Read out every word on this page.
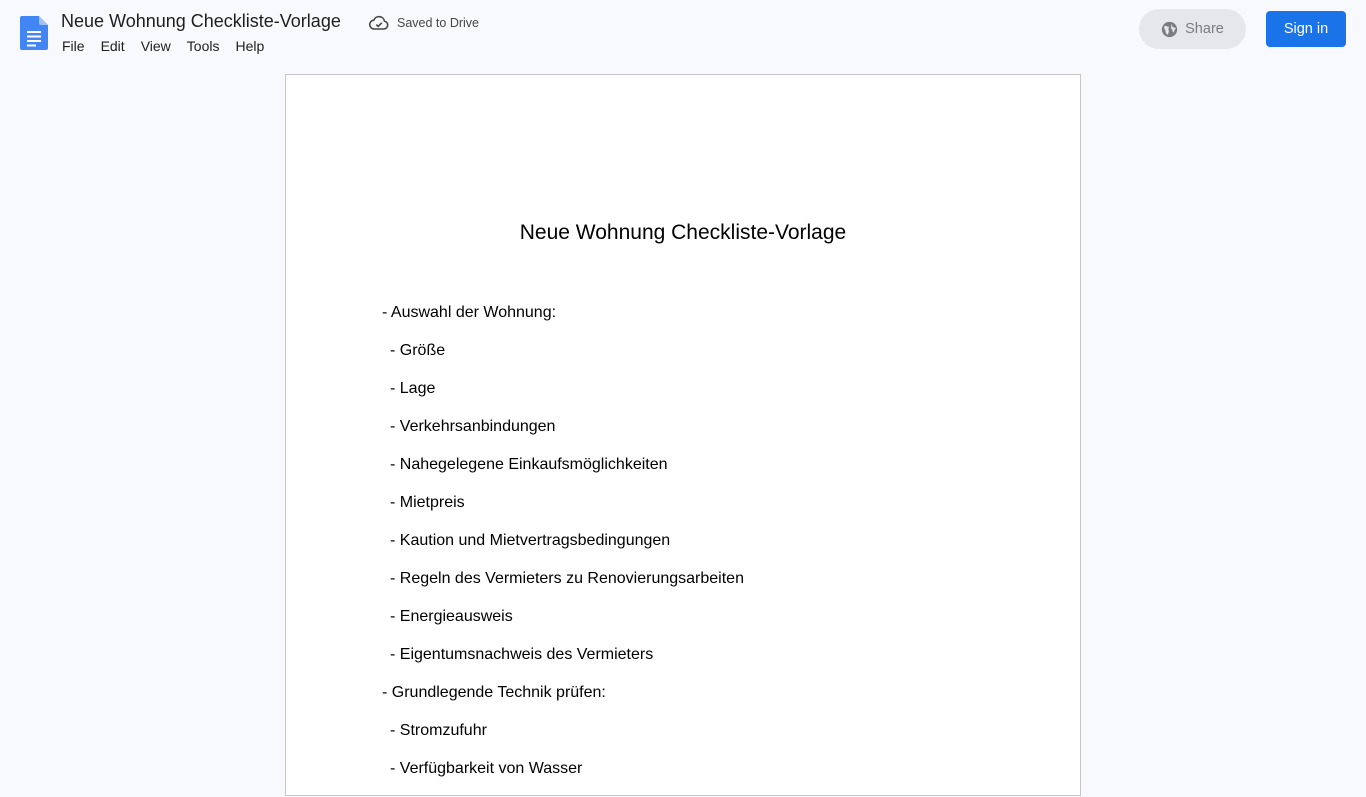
Neue Wohnung Checkliste-Vorlage	Saved to Drive
File	Edit	View	Tools	Help
Share	Sign in
Neue Wohnung Checkliste-Vorlage
- Auswahl der Wohnung:
- Größe
- Lage
- Verkehrsanbindungen
- Nahegelegene Einkaufsmöglichkeiten
- Mietpreis
- Kaution und Mietvertragsbedingungen
- Regeln des Vermieters zu Renovierungsarbeiten
- Energieausweis
- Eigentumsnachweis des Vermieters
- Grundlegende Technik prüfen:
- Stromzufuhr
- Verfügbarkeit von Wasser
